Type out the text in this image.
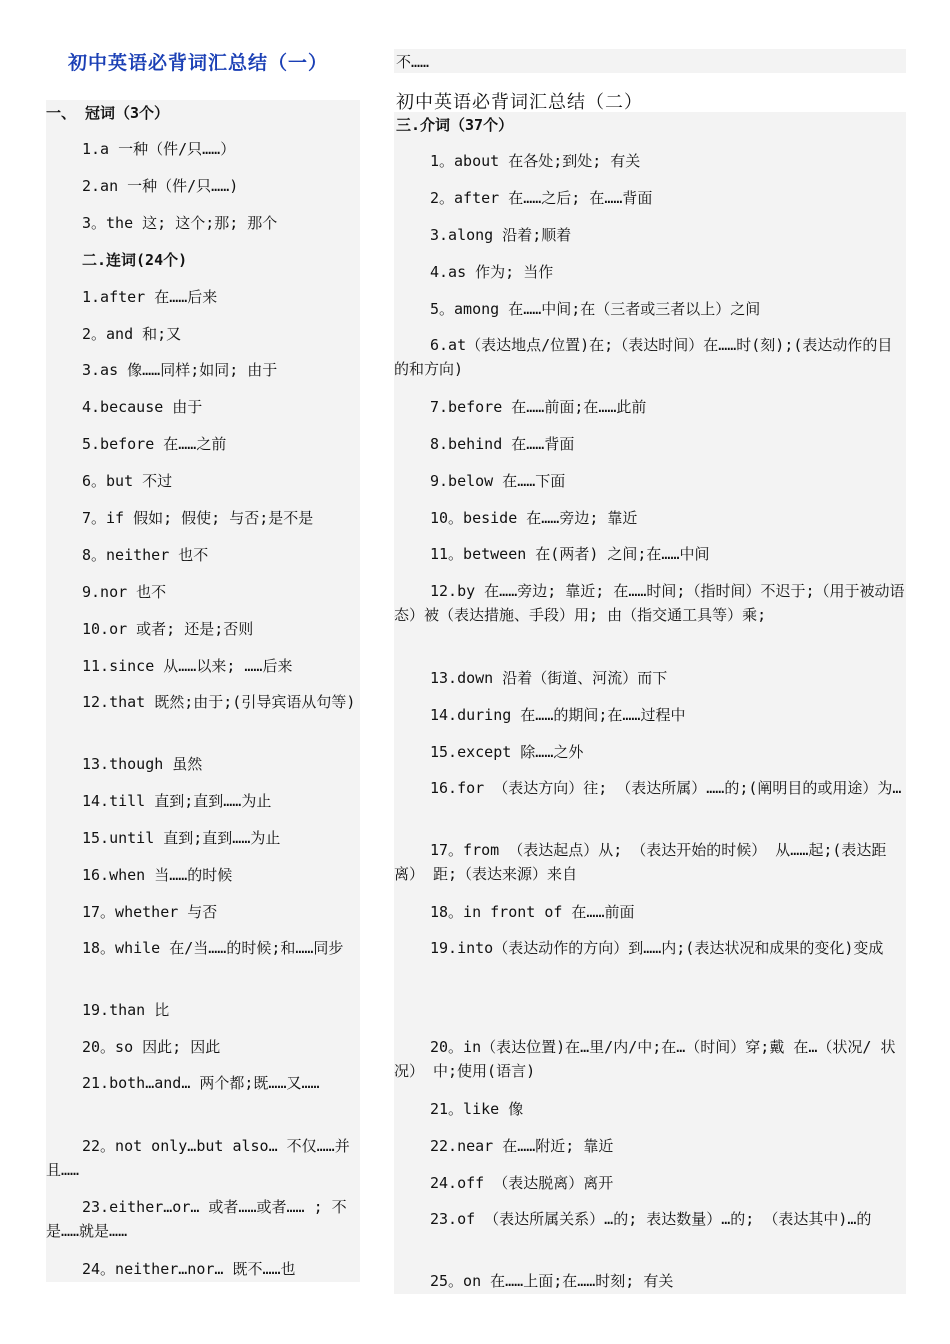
初中英语必背词汇总结（一）
一、 冠词（3个）
1.a 一种（件/只……）
2.an 一种（件/只……)
3。the 这; 这个;那; 那个
二.连词(24个)
1.after 在……后来
2。and 和;又
3.as 像……同样;如同; 由于
4.because 由于
5.before 在……之前
6。but 不过
7。if 假如; 假使; 与否;是不是
8。neither 也不
9.nor 也不
10.or 或者; 还是;否则
11.since 从……以来; ……后来
12.that 既然;由于;(引导宾语从句等)
13.though 虽然
14.till 直到;直到……为止
15.until 直到;直到……为止
16.when 当……的时候
17。whether 与否
18。while 在/当……的时候;和……同步
19.than 比
20。so 因此; 因此
21.both…and… 两个都;既……又……
22。not only…but also… 不仅……并且……
23.either…or… 或者……或者…… ; 不是……就是……
24。neither…nor… 既不……也
不……
初中英语必背词汇总结（二）
三.介词（37个）
1。about 在各处;到处; 有关
2。after 在……之后; 在……背面
3.along 沿着;顺着
4.as 作为; 当作
5。among 在……中间;在（三者或三者以上）之间
6.at（表达地点/位置)在;（表达时间）在……时(刻);(表达动作的目的和方向)
7.before 在……前面;在……此前
8.behind 在……背面
9.below 在……下面
10。beside 在……旁边; 靠近
11。between 在(两者) 之间;在……中间
12.by 在……旁边; 靠近; 在……时间;（指时间）不迟于;（用于被动语态）被（表达措施、手段）用; 由（指交通工具等）乘;
13.down 沿着（街道、河流）而下
14.during 在……的期间;在……过程中
15.except 除……之外
16.for （表达方向）往; （表达所属）……的;(阐明目的或用途）为…
17。from （表达起点）从; （表达开始的时候） 从……起;(表达距离） 距;（表达来源）来自
18。in front of 在……前面
19.into（表达动作的方向）到……内;(表达状况和成果的变化)变成
20。in（表达位置)在…里/内/中;在…（时间）穿;戴 在…（状况/ 状况） 中;使用(语言)
21。like 像
22.near 在……附近; 靠近
24.off （表达脱离）离开
23.of （表达所属关系）…的; 表达数量）…的; （表达其中)…的
25。on 在……上面;在……时刻; 有关
